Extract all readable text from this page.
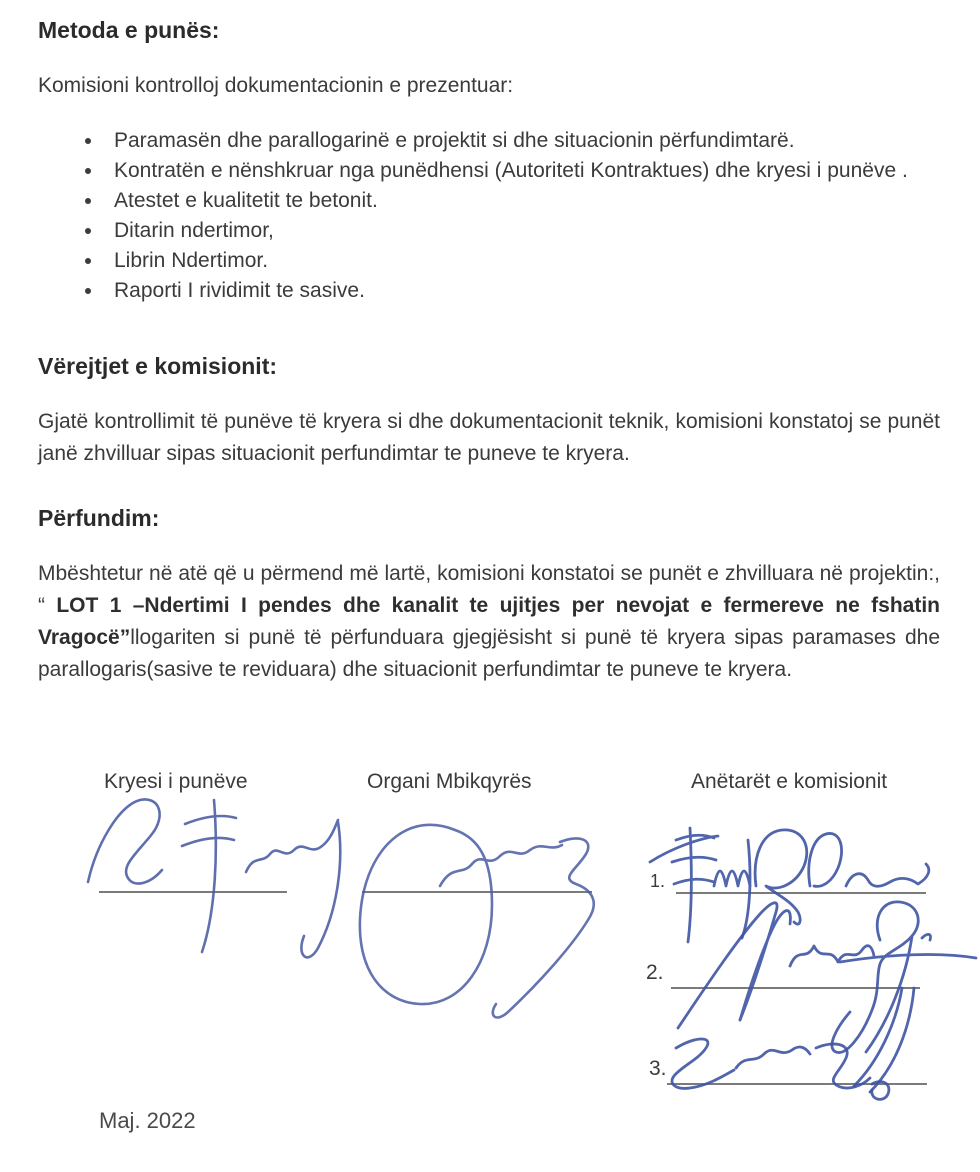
Metoda e punës:

Komisioni kontrolloj dokumentacionin e prezentuar:

• Paramasën dhe parallogarinë e projektit si dhe situacionin përfundimtarë.
• Kontratën e nënshkruar nga punëdhensi (Autoriteti Kontraktues) dhe kryesi i punëve .
• Atestet e kualitetit te betonit.
• Ditarin ndertimor,
• Librin Ndertimor.
• Raporti I rividimit te sasive.
Vërejtjet e komisionit:

Gjatë kontrollimit të punëve të kryera si dhe dokumentacionit teknik, komisioni konstatoj se punët janë zhvilluar sipas situacionit perfundimtar te puneve te kryera.

Përfundim:

Mbështetur në atë që u përmend më lartë, komisioni konstatoi se punët e zhvilluara në projektin:, “ LOT 1 –Ndertimi I pendes dhe kanalit te ujitjes per nevojat e fermereve ne fshatin Vragocë”llogariten si punë të përfunduara gjegjësisht si punë të kryera sipas paramases dhe parallogaris(sasive te reviduara) dhe situacionit perfundimtar te puneve te kryera.

Kryesi i punëve	Organi Mbikqyrës	Anëtarët e komisionit
1.
2.
3.
Maj. 2022
